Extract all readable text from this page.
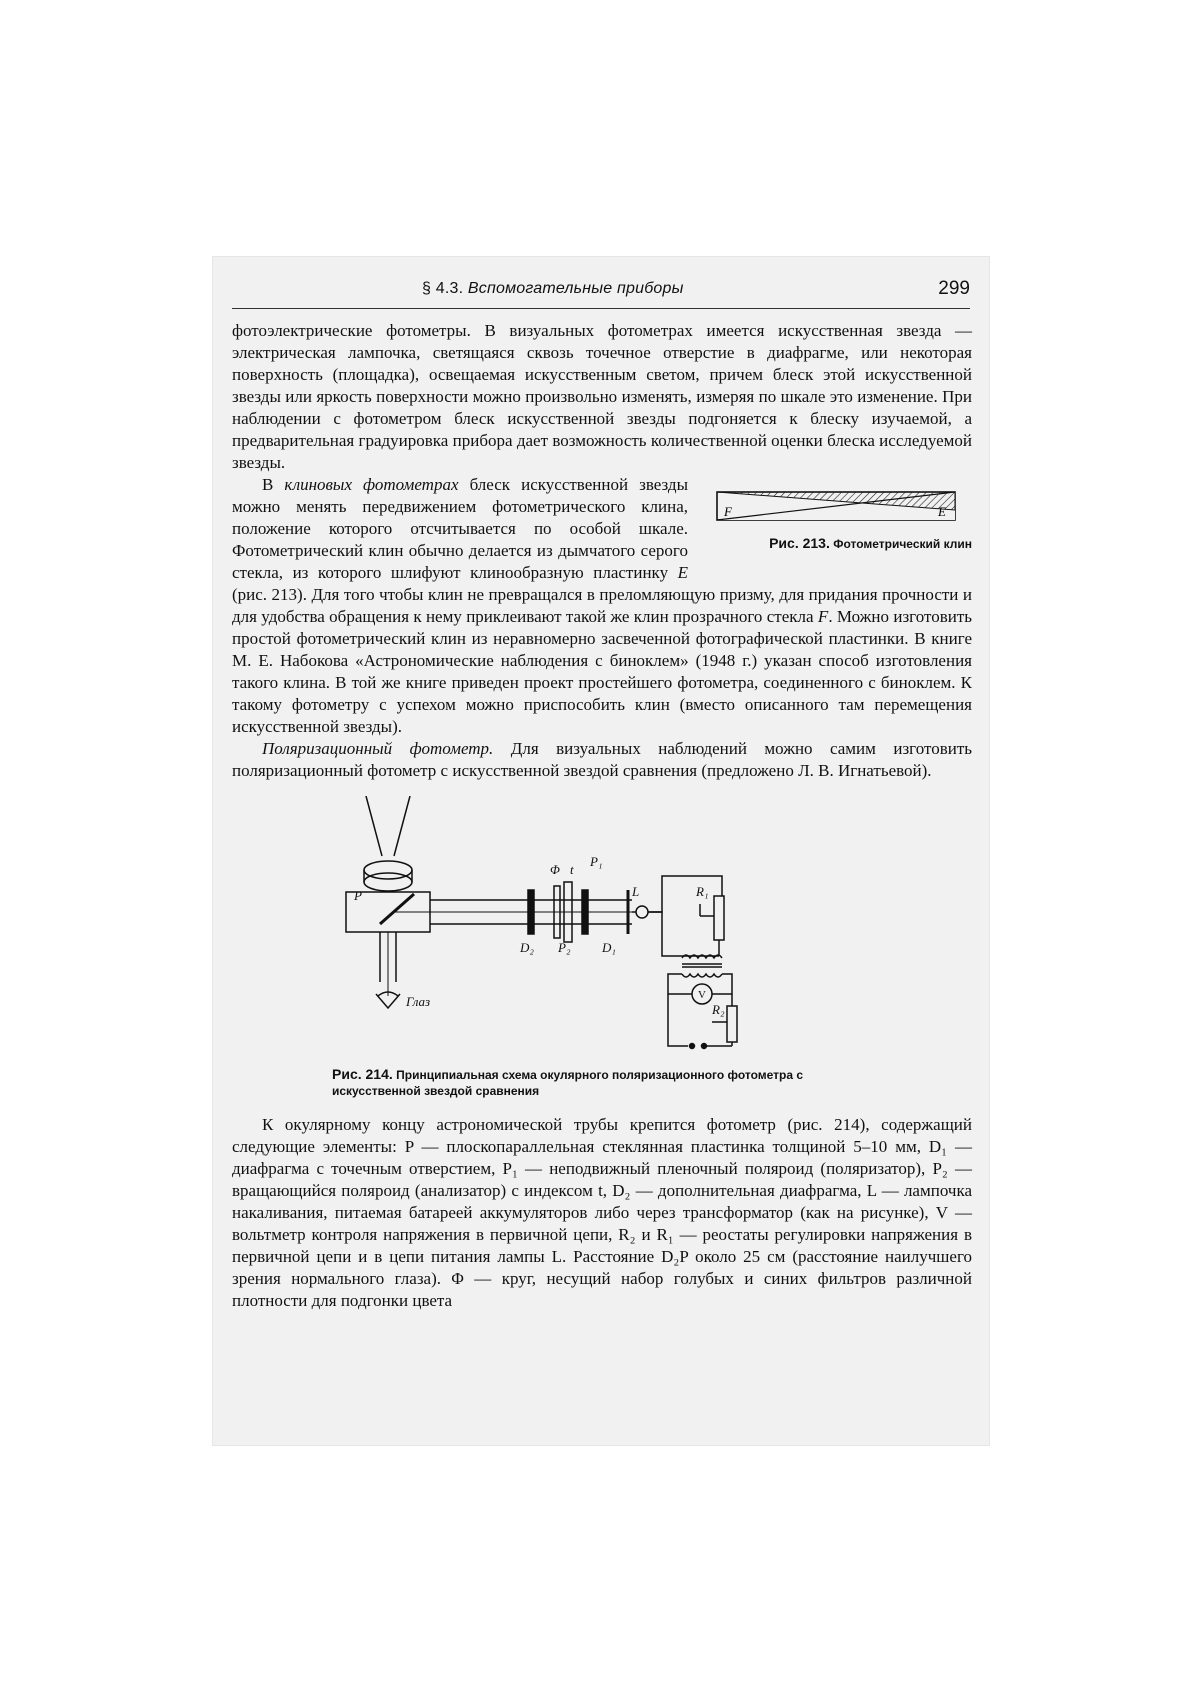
§ 4.3. Вспомогательные приборы	299

фотоэлектрические фотометры. В визуальных фотометрах имеется искусственная звезда — электрическая лампочка, светящаяся сквозь точечное отверстие в диафрагме, или некоторая поверхность (площадка), освещаемая искусственным светом, причем блеск этой искусственной звезды или яркость поверхности можно произвольно изменять, измеряя по шкале это изменение. При наблюдении с фотометром блеск искусственной звезды подгоняется к блеску изучаемой, а предварительная градуировка прибора дает возможность количественной оценки блеска исследуемой звезды.

F	E
Рис. 213. Фотометрический клин

В клиновых фотометрах блеск искусственной звезды можно менять передвижением фотометрического клина, положение которого отсчитывается по особой шкале. Фотометрический клин обычно делается из дымчатого серого стекла, из которого шлифуют клинообразную пластинку E (рис. 213). Для того чтобы клин не превращался в преломляющую призму, для придания прочности и для удобства обращения к нему приклеивают такой же клин прозрачного стекла F. Можно изготовить простой фотометрический клин из неравномерно засвеченной фотографической пластинки. В книге М. Е. Набокова «Астрономические наблюдения с биноклем» (1948 г.) указан способ изготовления такого клина. В той же книге приведен проект простейшего фотометра, соединенного с биноклем. К такому фотометру с успехом можно приспособить клин (вместо описанного там перемещения искусственной звезды).

Поляризационный фотометр. Для визуальных наблюдений можно самим изготовить поляризационный фотометр с искусственной звездой сравнения (предложено Л. В. Игнатьевой).

P
Φ t
P₁
L	R₁
D₂ P₂ D₁
V
R₂
Глаз
Рис. 214. Принципиальная схема окулярного поляризационного фотометра с искусственной звездой сравнения

К окулярному концу астрономической трубы крепится фотометр (рис. 214), содержащий следующие элементы: P — плоскопараллельная стеклянная пластинка толщиной 5–10 мм, D₁ — диафрагма с точечным отверстием, P₁ — неподвижный пленочный поляроид (поляризатор), P₂ — вращающийся поляроид (анализатор) с индексом t, D₂ — дополнительная диафрагма, L — лампочка накаливания, питаемая батареей аккумуляторов либо через трансформатор (как на рисунке), V — вольтметр контроля напряжения в первичной цепи, R₂ и R₁ — реостаты регулировки напряжения в первичной цепи и в цепи питания лампы L. Расстояние D₂P около 25 см (расстояние наилучшего зрения нормального глаза). Φ — круг, несущий набор голубых и синих фильтров различной плотности для подгонки цвета
